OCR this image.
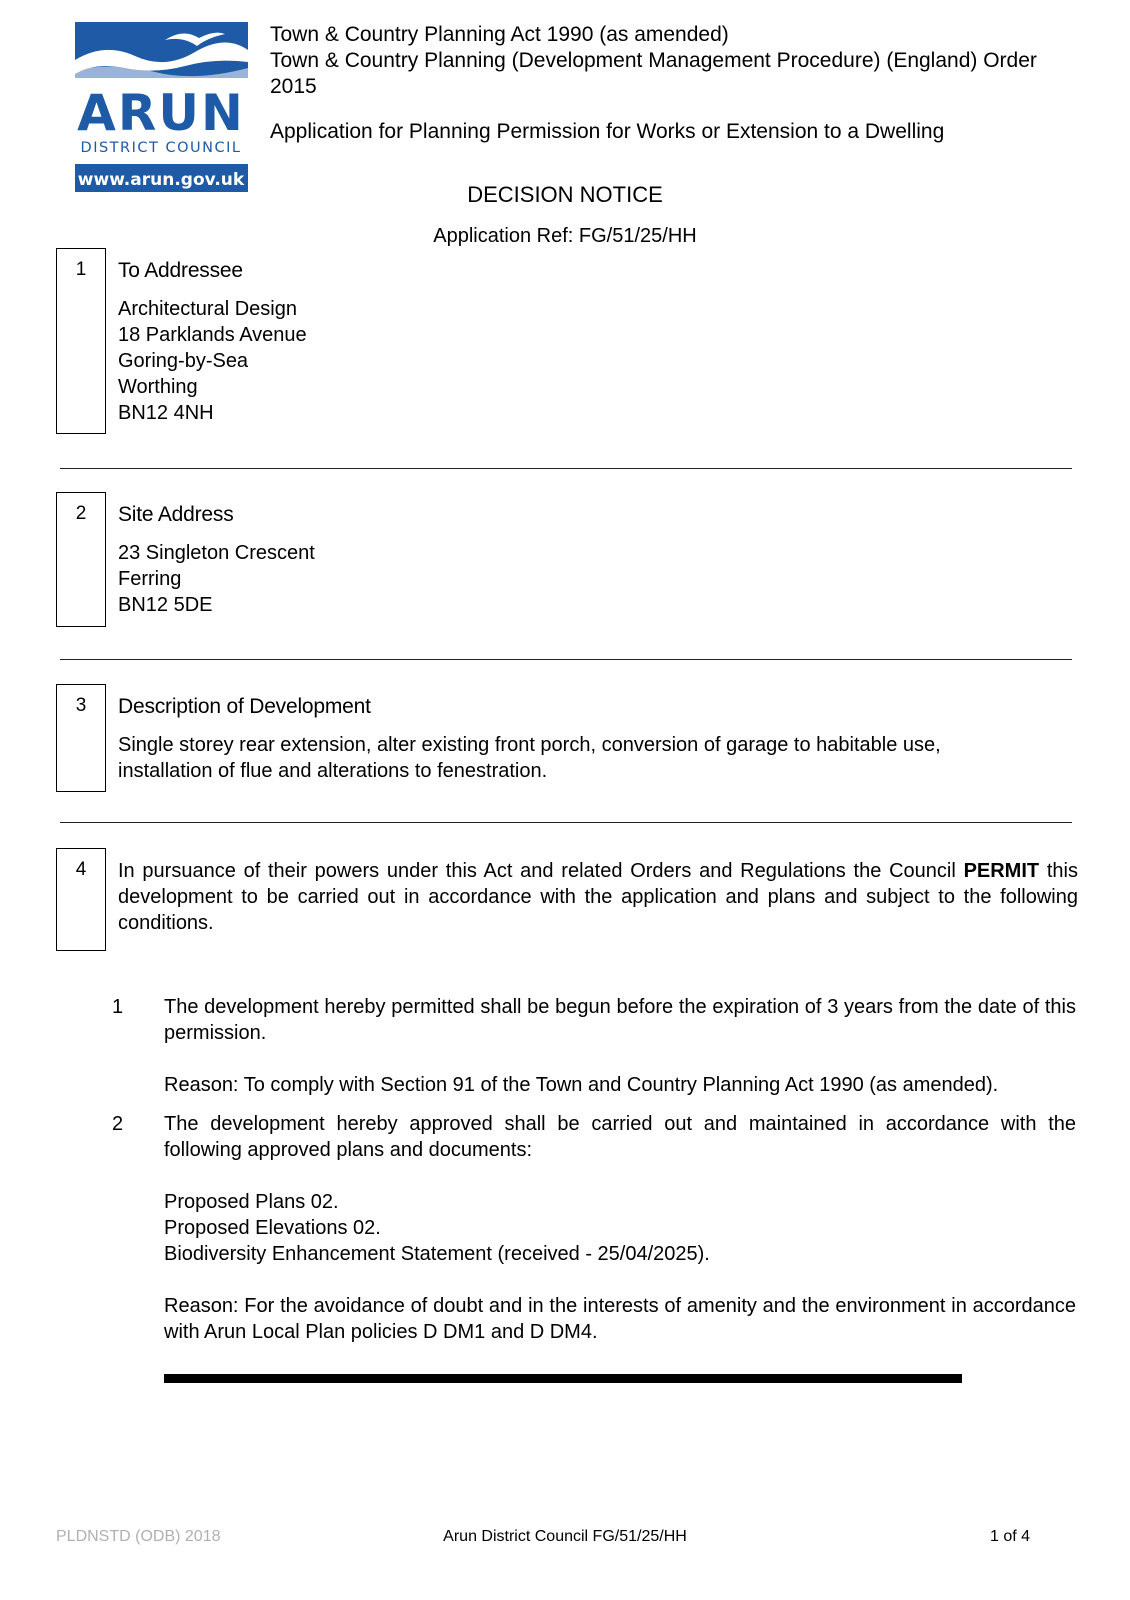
ARUN
DISTRICT COUNCIL
www.arun.gov.uk

Town & Country Planning Act 1990 (as amended)

Town & Country Planning (Development Management Procedure) (England) Order

2015

Application for Planning Permission for Works or Extension to a Dwelling

DECISION NOTICE
Application Ref: FG/51/25/HH
1	To Addressee

Architectural Design

18 Parklands Avenue

Goring-by-Sea

Worthing

BN12 4NH

2	Site Address

23 Singleton Crescent

Ferring

BN12 5DE

3	Description of Development

Single storey rear extension, alter existing front porch, conversion of garage to habitable use,

installation of flue and alterations to fenestration.

4	In pursuance of their powers under this Act and related Orders and Regulations the Council PERMIT this development to be carried out in accordance with the application and plans and subject to the following conditions.
1	The development hereby permitted shall be begun before the expiration of 3 years from the date of this permission.

Reason: To comply with Section 91 of the Town and Country Planning Act 1990 (as amended).

2	The development hereby approved shall be carried out and maintained in accordance with the following approved plans and documents:

Proposed Plans 02.

Proposed Elevations 02.

Biodiversity Enhancement Statement (received - 25/04/2025).

Reason: For the avoidance of doubt and in the interests of amenity and the environment in accordance with Arun Local Plan policies D DM1 and D DM4.

PLDNSTD (ODB) 2018	Arun District Council FG/51/25/HH	1 of 4
